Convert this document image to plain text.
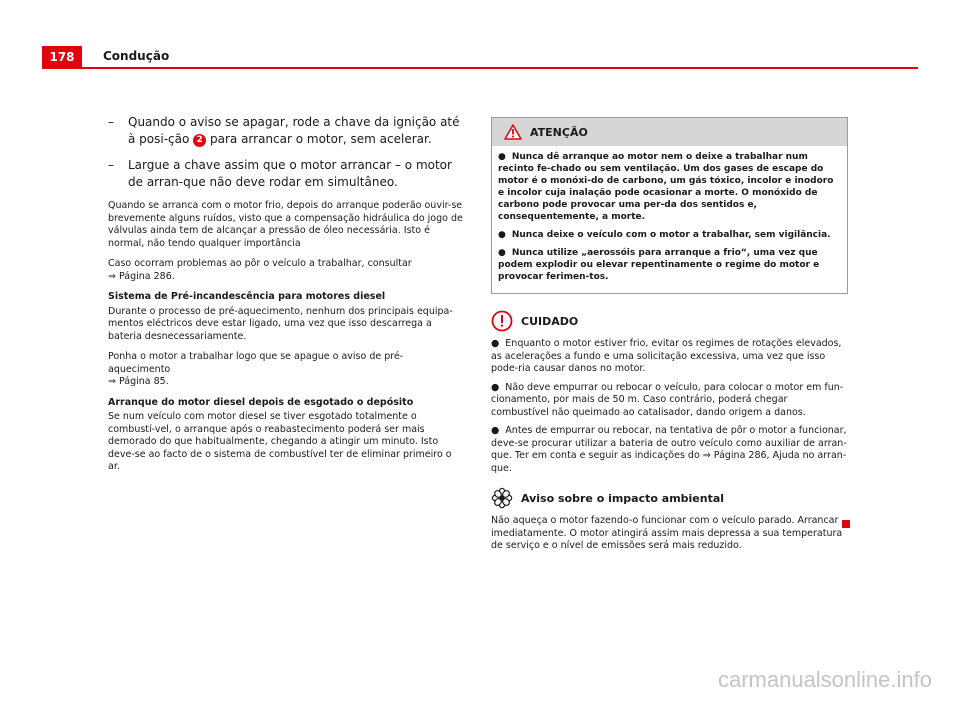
178	Condução
– Quando o aviso se apagar, rode a chave da ignição até à posi-ção 2 para arrancar o motor, sem acelerar.
– Largue a chave assim que o motor arrancar – o motor de arran-que não deve rodar em simultâneo.

Quando se arranca com o motor frio, depois do arranque poderão ouvir-se brevemente alguns ruídos, visto que a compensação hidráulica do jogo de válvulas ainda tem de alcançar a pressão de óleo necessária. Isto é normal, não tendo qualquer importância

Caso ocorram problemas ao pôr o veículo a trabalhar, consultar
⇒ Página 286.

Sistema de Pré-incandescência para motores diesel

Durante o processo de pré-aquecimento, nenhum dos principais equipa-mentos eléctricos deve estar ligado, uma vez que isso descarrega a bateria desnecessariamente.

Ponha o motor a trabalhar logo que se apague o aviso de pré-aquecimento
⇒ Página 85.

Arranque do motor diesel depois de esgotado o depósito

Se num veículo com motor diesel se tiver esgotado totalmente o combustí-vel, o arranque após o reabastecimento poderá ser mais demorado do que habitualmente, chegando a atingir um minuto. Isto deve-se ao facto de o sistema de combustível ter de eliminar primeiro o ar.

ATENÇÃO

● Nunca dê arranque ao motor nem o deixe a trabalhar num recinto fe-chado ou sem ventilação. Um dos gases de escape do motor é o monóxi-do de carbono, um gás tóxico, incolor e inodoro e incolor cuja inalação pode ocasionar a morte. O monóxido de carbono pode provocar uma per-da dos sentidos e, consequentemente, a morte.

● Nunca deixe o veículo com o motor a trabalhar, sem vigilância.

● Nunca utilize „aerossóis para arranque a frio“, uma vez que podem explodir ou elevar repentinamente o regime do motor e provocar ferimen-tos.

CUIDADO

● Enquanto o motor estiver frio, evitar os regimes de rotações elevados, as acelerações a fundo e uma solicitação excessiva, uma vez que isso pode-ria causar danos no motor.

● Não deve empurrar ou rebocar o veículo, para colocar o motor em fun-cionamento, por mais de 50 m. Caso contrário, poderá chegar combustível não queimado ao catalisador, dando origem a danos.

● Antes de empurrar ou rebocar, na tentativa de pôr o motor a funcionar, deve-se procurar utilizar a bateria de outro veículo como auxiliar de arran-que. Ter em conta e seguir as indicações do ⇒ Página 286, Ajuda no arran-que.

Aviso sobre o impacto ambiental

Não aqueça o motor fazendo-o funcionar com o veículo parado. Arrancar imediatamente. O motor atingirá assim mais depressa a sua temperatura de serviço e o nível de emissões será mais reduzido.

carmanualsonline.info
